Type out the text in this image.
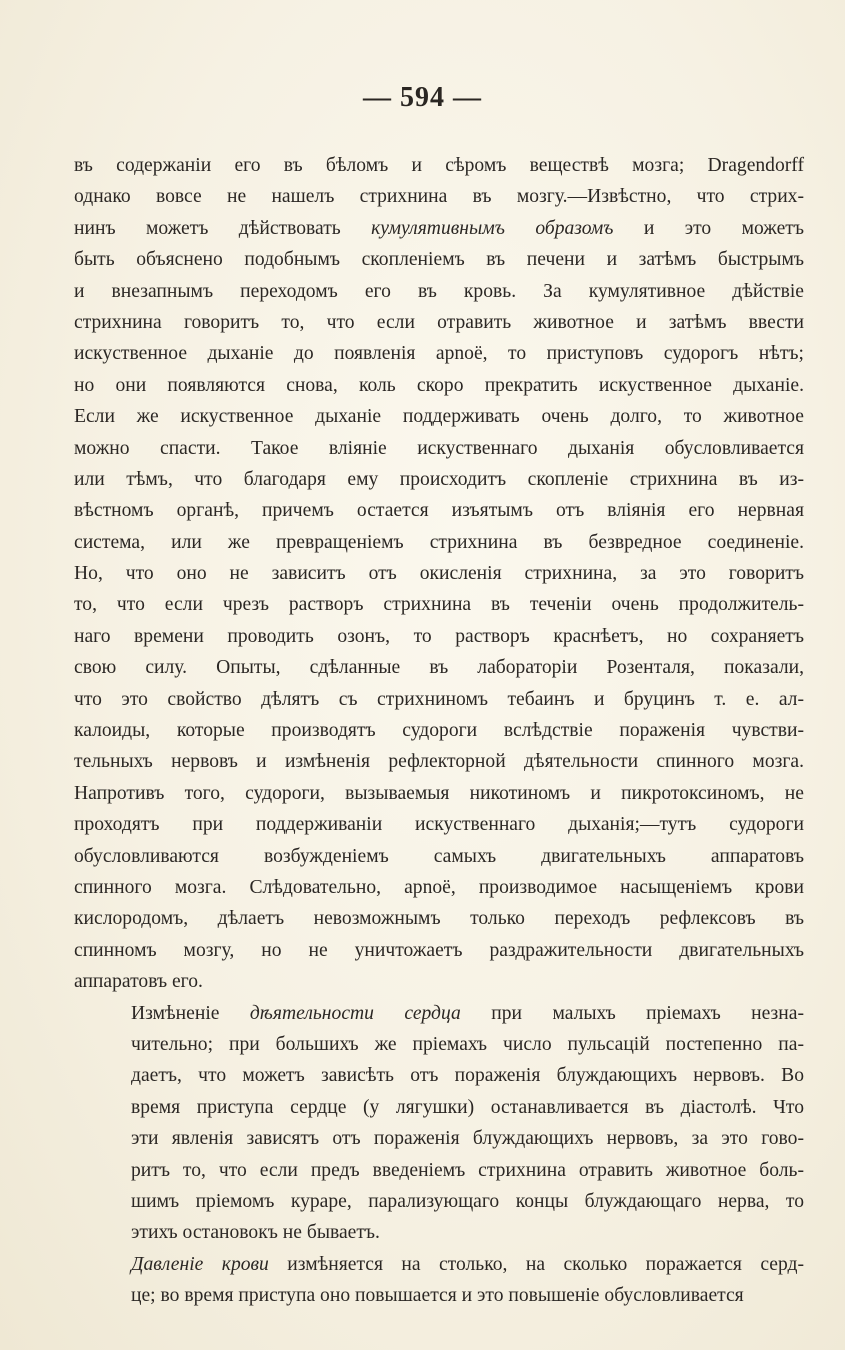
— 594 —
въ содержаніи его въ бѣломъ и сѣромъ веществѣ мозга; Dragendorff
однако вовсе не нашелъ стрихнина въ мозгу.—Извѣстно, что стрих-
нинъ можетъ дѣйствовать кумулятивнымъ образомъ и это можетъ
быть объяснено подобнымъ скопленіемъ въ печени и затѣмъ быстрымъ
и внезапнымъ переходомъ его въ кровь. За кумулятивное дѣйствіе
стрихнина говоритъ то, что если отравить животное и затѣмъ ввести
искуственное дыханіе до появленія apnoë, то приступовъ судорогъ нѣтъ;
но они появляются снова, коль скоро прекратить искуственное дыханіе.
Если же искуственное дыханіе поддерживать очень долго, то животное
можно спасти. Такое вліяніе искуственнаго дыханія обусловливается
или тѣмъ, что благодаря ему происходитъ скопленіе стрихнина въ из-
вѣстномъ органѣ, причемъ остается изъятымъ отъ вліянія его нервная
система, или же превращеніемъ стрихнина въ безвредное соединеніе.
Но, что оно не зависитъ отъ окисленія стрихнина, за это говоритъ
то, что если чрезъ растворъ стрихнина въ теченіи очень продолжитель-
наго времени проводить озонъ, то растворъ краснѣетъ, но сохраняетъ
свою силу. Опыты, сдѣланные въ лабораторіи Розенталя, показали,
что это свойство дѣлятъ съ стрихниномъ тебаинъ и бруцинъ т. е. ал-
калоиды, которые производятъ судороги вслѣдствіе пораженія чувстви-
тельныхъ нервовъ и измѣненія рефлекторной дѣятельности спинного мозга.
Напротивъ того, судороги, вызываемыя никотиномъ и пикротоксиномъ, не
проходятъ при поддерживаніи искуственнаго дыханія;—тутъ судороги
обусловливаются возбужденіемъ самыхъ двигательныхъ аппаратовъ
спинного мозга. Слѣдовательно, apnoë, производимое насыщеніемъ крови
кислородомъ, дѣлаетъ невозможнымъ только переходъ рефлексовъ въ
спинномъ мозгу, но не уничтожаетъ раздражительности двигательныхъ
аппаратовъ его.
Измѣненіе дѣятельности сердца при малыхъ пріемахъ незна-
чительно; при большихъ же пріемахъ число пульсацій постепенно па-
даетъ, что можетъ зависѣть отъ пораженія блуждающихъ нервовъ. Во
время приступа сердце (у лягушки) останавливается въ діастолѣ. Что
эти явленія зависятъ отъ пораженія блуждающихъ нервовъ, за это гово-
ритъ то, что если предъ введеніемъ стрихнина отравить животное боль-
шимъ пріемомъ кураре, парализующаго концы блуждающаго нерва, то
этихъ остановокъ не бываетъ.
Давленіе крови измѣняется на столько, на сколько поражается серд-
це; во время приступа оно повышается и это повышеніе обусловливается
